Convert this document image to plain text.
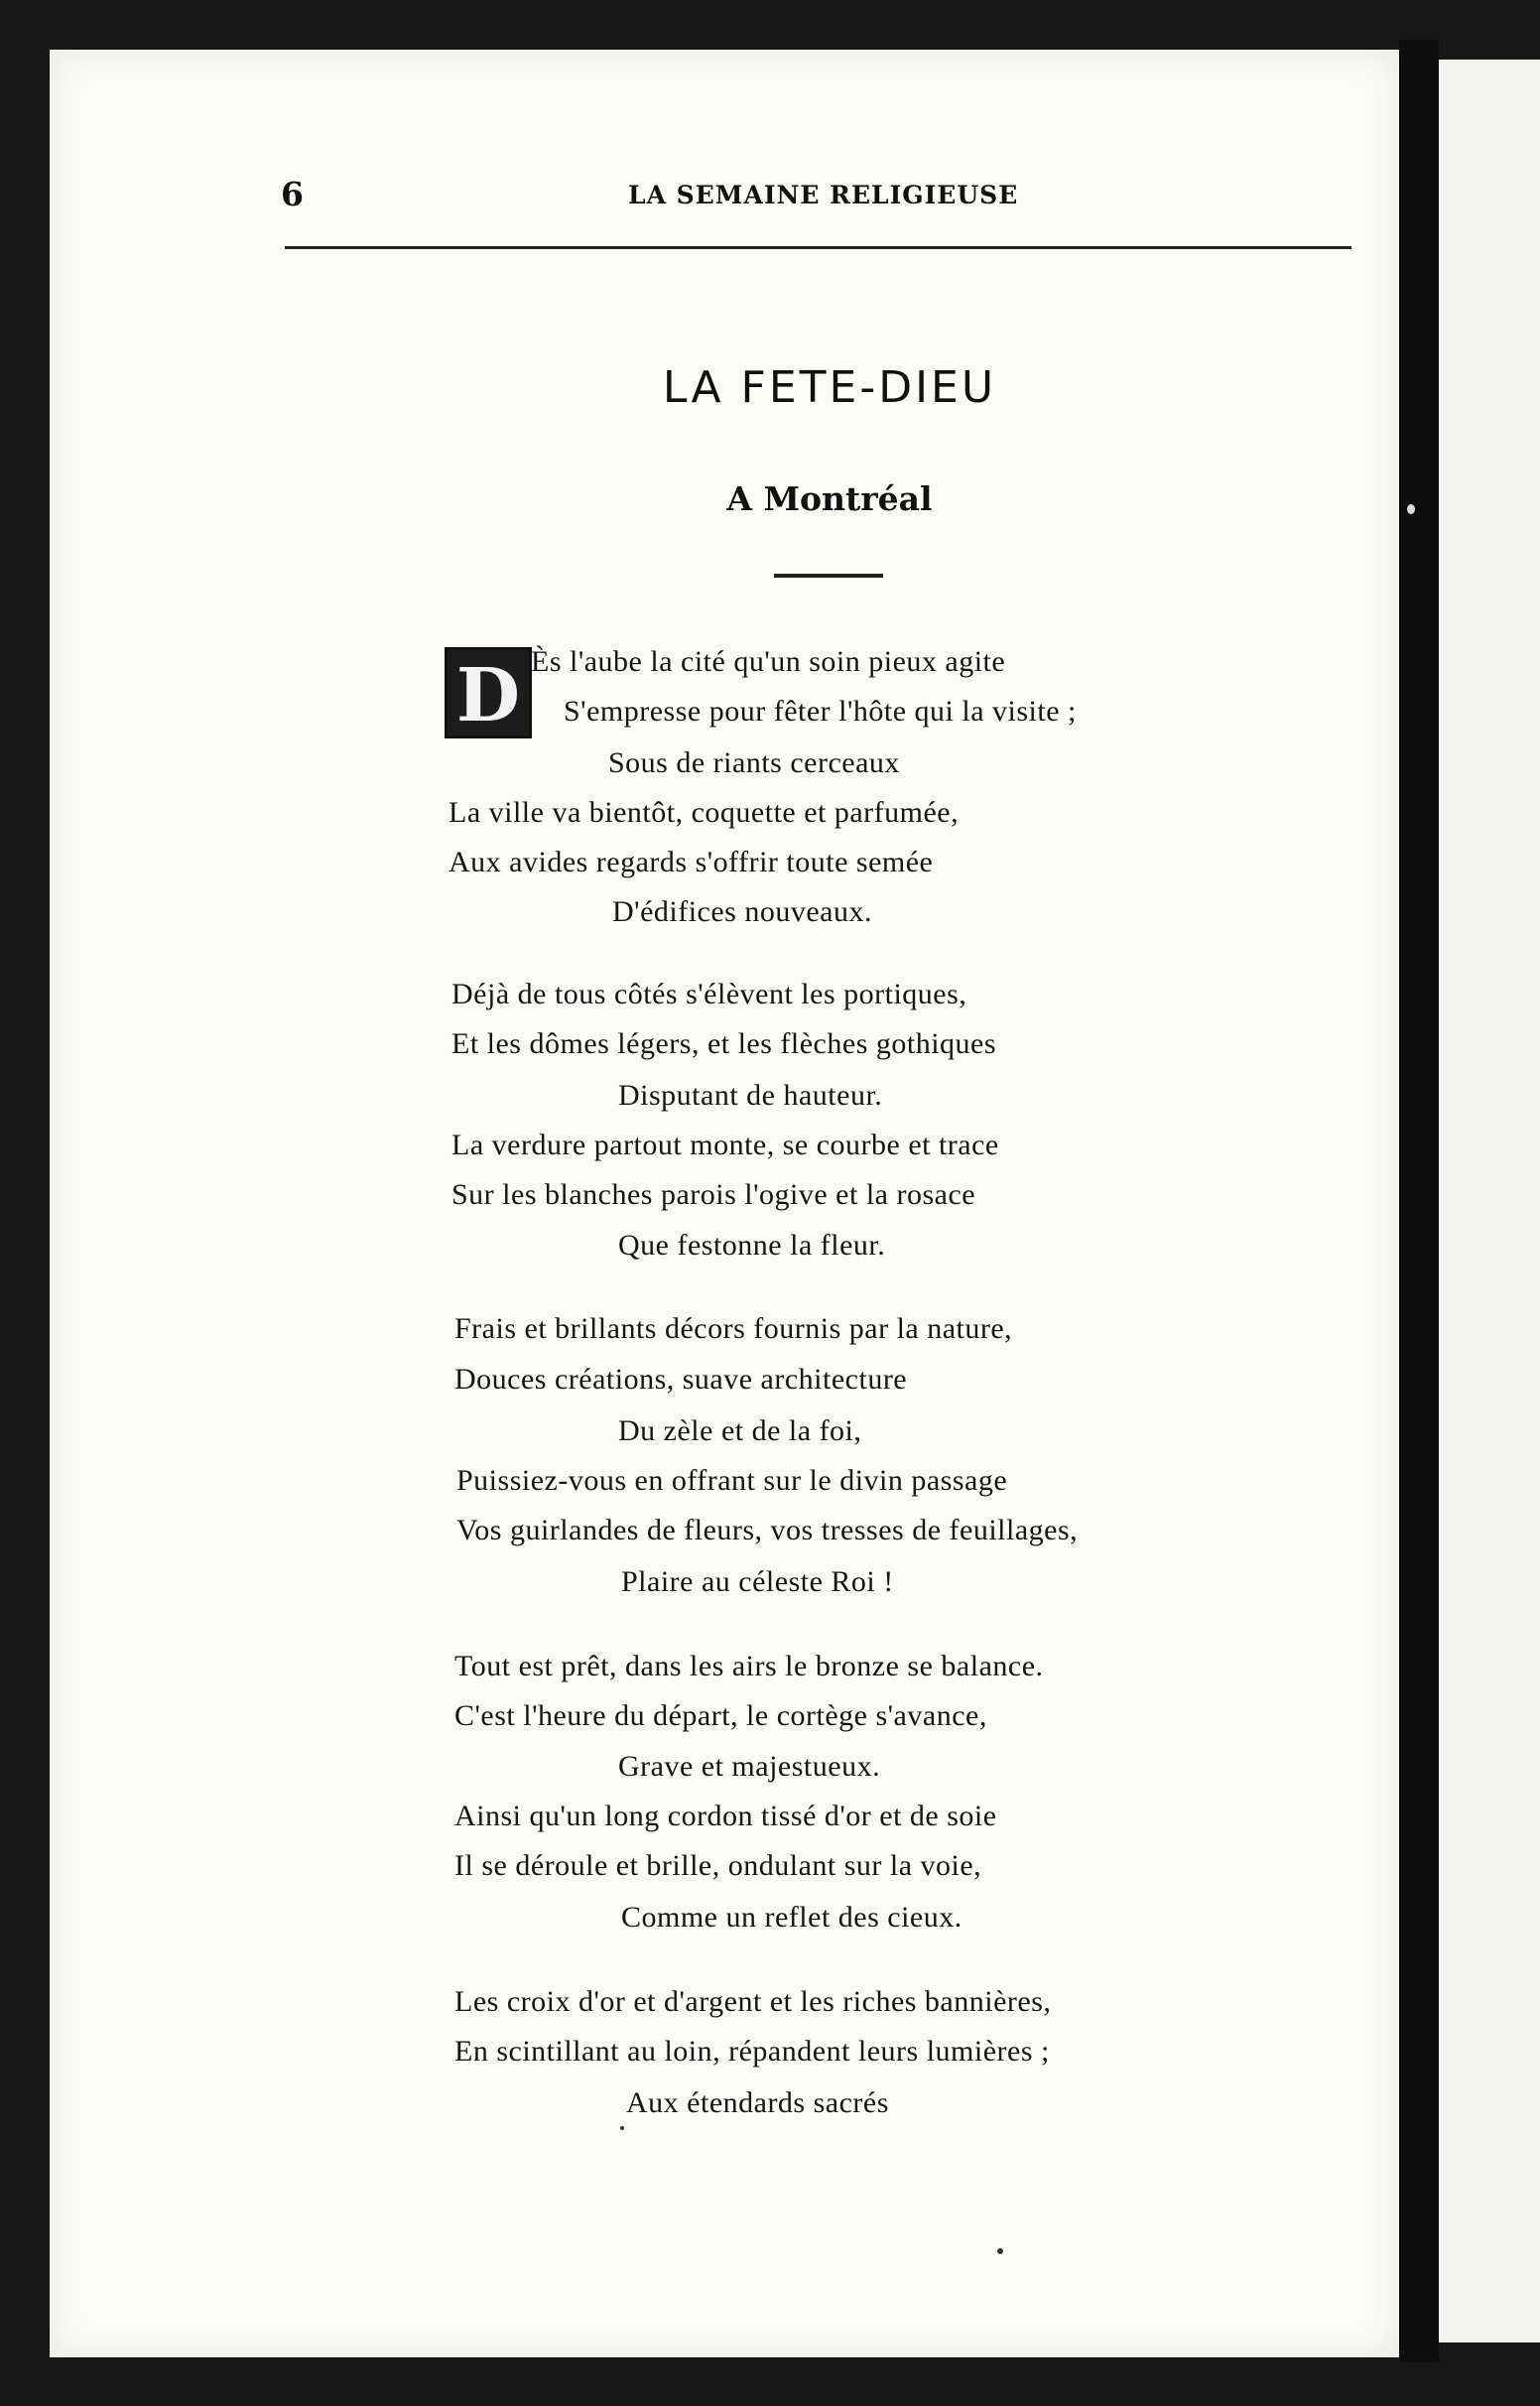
6	LA SEMAINE RELIGIEUSE
LA FETE-DIEU
A Montréal
D Ès l'aube la cité qu'un soin pieux agite
S'empresse pour fêter l'hôte qui la visite ;
Sous de riants cerceaux
La ville va bientôt, coquette et parfumée,
Aux avides regards s'offrir toute semée
D'édifices nouveaux.
Déjà de tous côtés s'élèvent les portiques,
Et les dômes légers, et les flèches gothiques
Disputant de hauteur.
La verdure partout monte, se courbe et trace
Sur les blanches parois l'ogive et la rosace
Que festonne la fleur.
Frais et brillants décors fournis par la nature,
Douces créations, suave architecture
Du zèle et de la foi,
Puissiez-vous en offrant sur le divin passage
Vos guirlandes de fleurs, vos tresses de feuillages,
Plaire au céleste Roi !
Tout est prêt, dans les airs le bronze se balance.
C'est l'heure du départ, le cortège s'avance,
Grave et majestueux.
Ainsi qu'un long cordon tissé d'or et de soie
Il se déroule et brille, ondulant sur la voie,
Comme un reflet des cieux.
Les croix d'or et d'argent et les riches bannières,
En scintillant au loin, répandent leurs lumières ;
Aux étendards sacrés
